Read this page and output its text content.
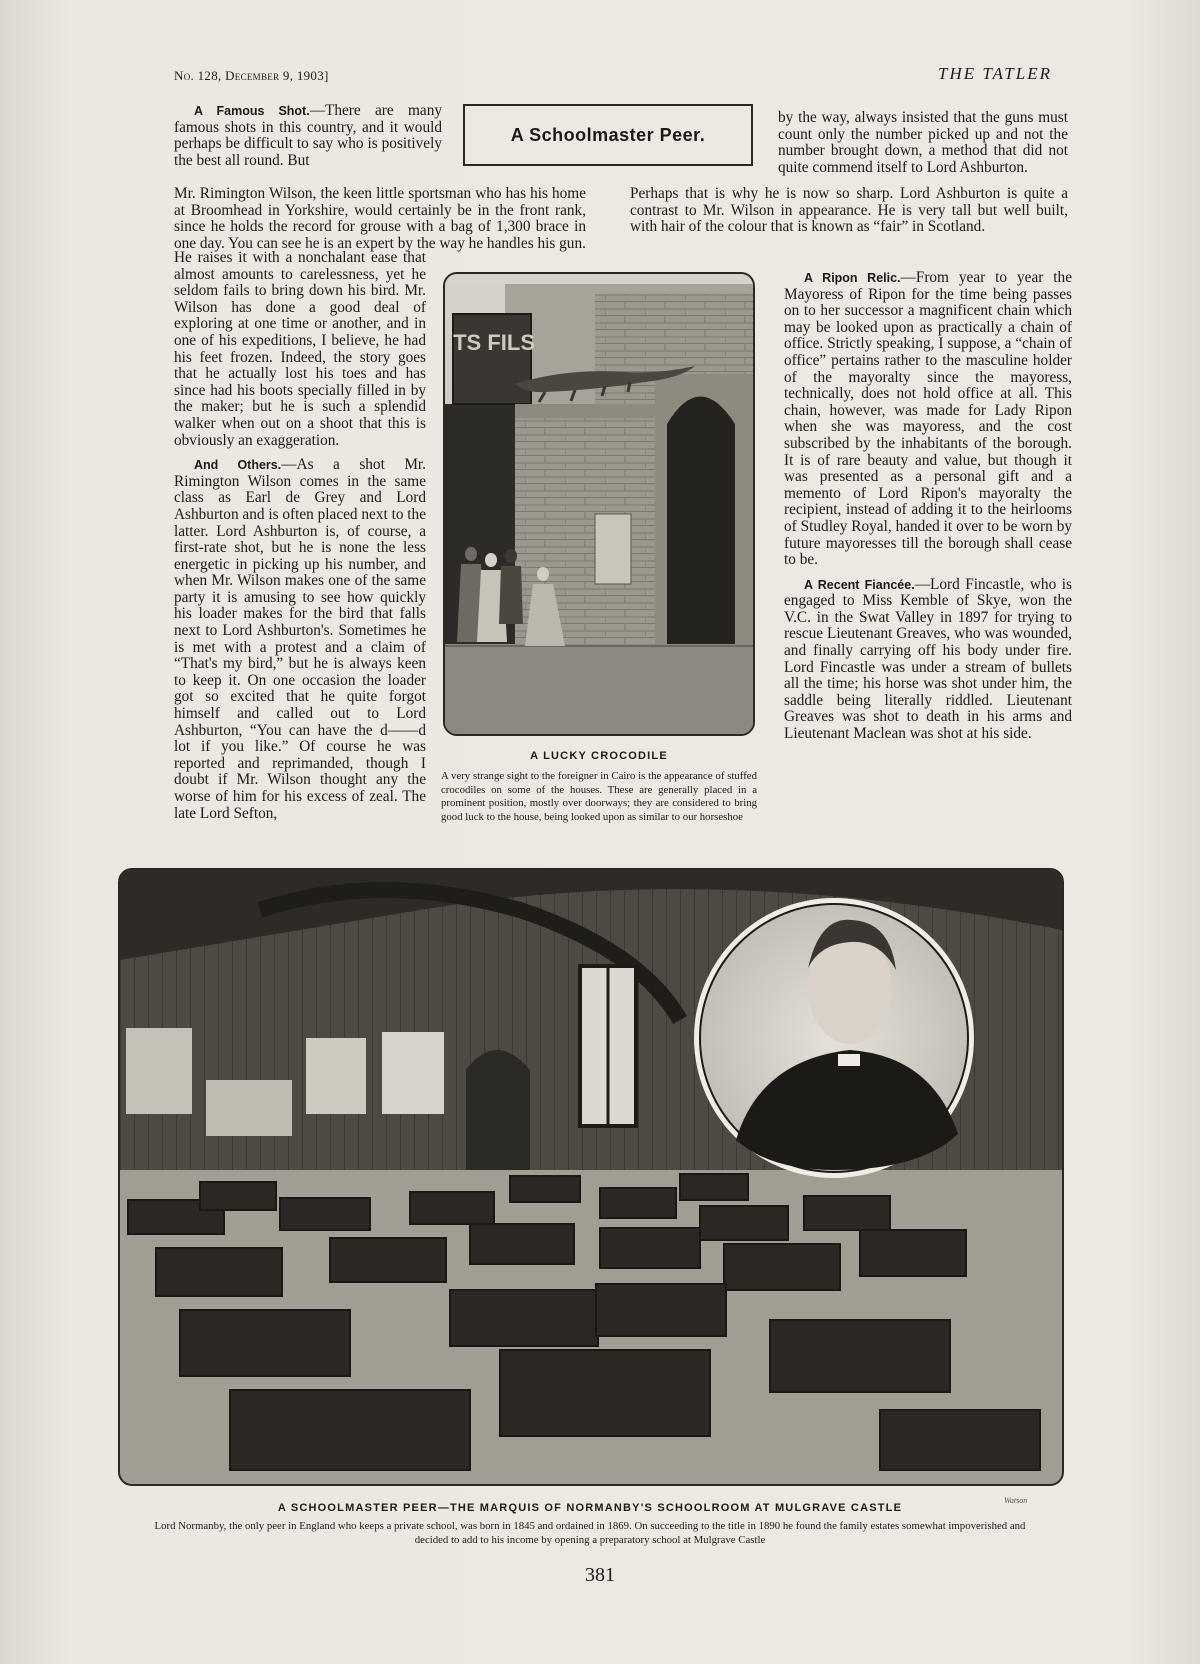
No. 128, December 9, 1903]	THE TATLER
A Schoolmaster Peer.

A Famous Shot.—There are many famous shots in this country, and it would perhaps be difficult to say who is positively the best all round. But

Mr. Rimington Wilson, the keen little sportsman who has his home at Broomhead in Yorkshire, would certainly be in the front rank, since he holds the record for grouse with a bag of 1,300 brace in one day. You can see he is an expert by the way he handles his gun.

He raises it with a nonchalant ease that almost amounts to carelessness, yet he seldom fails to bring down his bird. Mr. Wilson has done a good deal of exploring at one time or another, and in one of his expeditions, I believe, he had his feet frozen. Indeed, the story goes that he actually lost his toes and has since had his boots specially filled in by the maker; but he is such a splendid walker when out on a shoot that this is obviously an exaggeration.

And Others.—As a shot Mr. Rimington Wilson comes in the same class as Earl de Grey and Lord Ashburton and is often placed next to the latter. Lord Ashburton is, of course, a first-rate shot, but he is none the less energetic in picking up his number, and when Mr. Wilson makes one of the same party it is amusing to see how quickly his loader makes for the bird that falls next to Lord Ashburton's. Sometimes he is met with a protest and a claim of “That's my bird,” but he is always keen to keep it. On one occasion the loader got so excited that he quite forgot himself and called out to Lord Ashburton, “You can have the d——d lot if you like.” Of course he was reported and reprimanded, though I doubt if Mr. Wilson thought any the worse of him for his excess of zeal. The late Lord Sefton,

by the way, always insisted that the guns must count only the number picked up and not the number brought down, a method that did not quite commend itself to Lord Ashburton.

Perhaps that is why he is now so sharp. Lord Ashburton is quite a contrast to Mr. Wilson in appearance. He is very tall but well built, with hair of the colour that is known as “fair” in Scotland.

A Ripon Relic.—From year to year the Mayoress of Ripon for the time being passes on to her successor a magnificent chain which may be looked upon as practically a chain of office. Strictly speaking, I suppose, a “chain of office” pertains rather to the masculine holder of the mayoralty since the mayoress, technically, does not hold office at all. This chain, however, was made for Lady Ripon when she was mayoress, and the cost subscribed by the inhabitants of the borough. It is of rare beauty and value, but though it was presented as a personal gift and a memento of Lord Ripon's mayoralty the recipient, instead of adding it to the heirlooms of Studley Royal, handed it over to be worn by future mayoresses till the borough shall cease to be.

A Recent Fiancée.—Lord Fincastle, who is engaged to Miss Kemble of Skye, won the V.C. in the Swat Valley in 1897 for trying to rescue Lieutenant Greaves, who was wounded, and finally carrying off his body under fire. Lord Fincastle was under a stream of bullets all the time; his horse was shot under him, the saddle being literally riddled. Lieutenant Greaves was shot to death in his arms and Lieutenant Maclean was shot at his side.

ITS FILS
A LUCKY CROCODILE
A very strange sight to the foreigner in Cairo is the appearance of stuffed crocodiles on some of the houses. These are generally placed in a prominent position, mostly over doorways; they are considered to bring good luck to the house, being looked upon as similar to our horseshoe
Watson
A SCHOOLMASTER PEER—THE MARQUIS OF NORMANBY'S SCHOOLROOM AT MULGRAVE CASTLE
Lord Normanby, the only peer in England who keeps a private school, was born in 1845 and ordained in 1869. On succeeding to the title in 1890 he found the family estates somewhat impoverished and decided to add to his income by opening a preparatory school at Mulgrave Castle
381
